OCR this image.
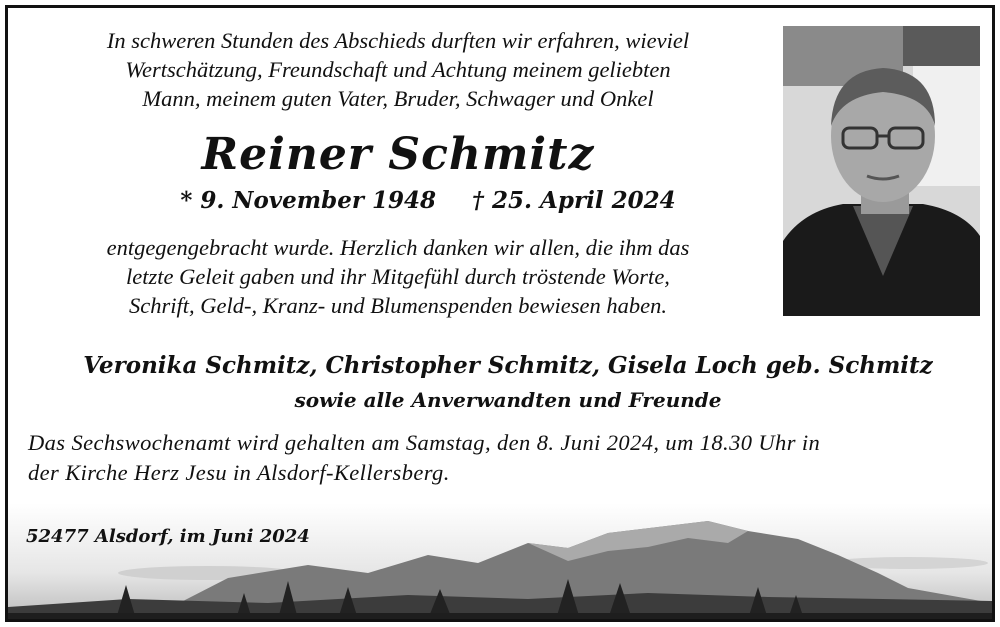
In schweren Stunden des Abschieds durften wir erfahren, wieviel
Wertschätzung, Freundschaft und Achtung meinem geliebten
Mann, meinem guten Vater, Bruder, Schwager und Onkel
Reiner Schmitz
* 9. November 1948 † 25. April 2024
entgegengebracht wurde. Herzlich danken wir allen, die ihm das
letzte Geleit gaben und ihr Mitgefühl durch tröstende Worte,
Schrift, Geld-, Kranz- und Blumenspenden bewiesen haben.
Veronika Schmitz, Christopher Schmitz, Gisela Loch geb. Schmitz
sowie alle Anverwandten und Freunde
Das Sechswochenamt wird gehalten am Samstag, den 8. Juni 2024, um 18.30 Uhr in
der Kirche Herz Jesu in Alsdorf-Kellersberg.
52477 Alsdorf, im Juni 2024
